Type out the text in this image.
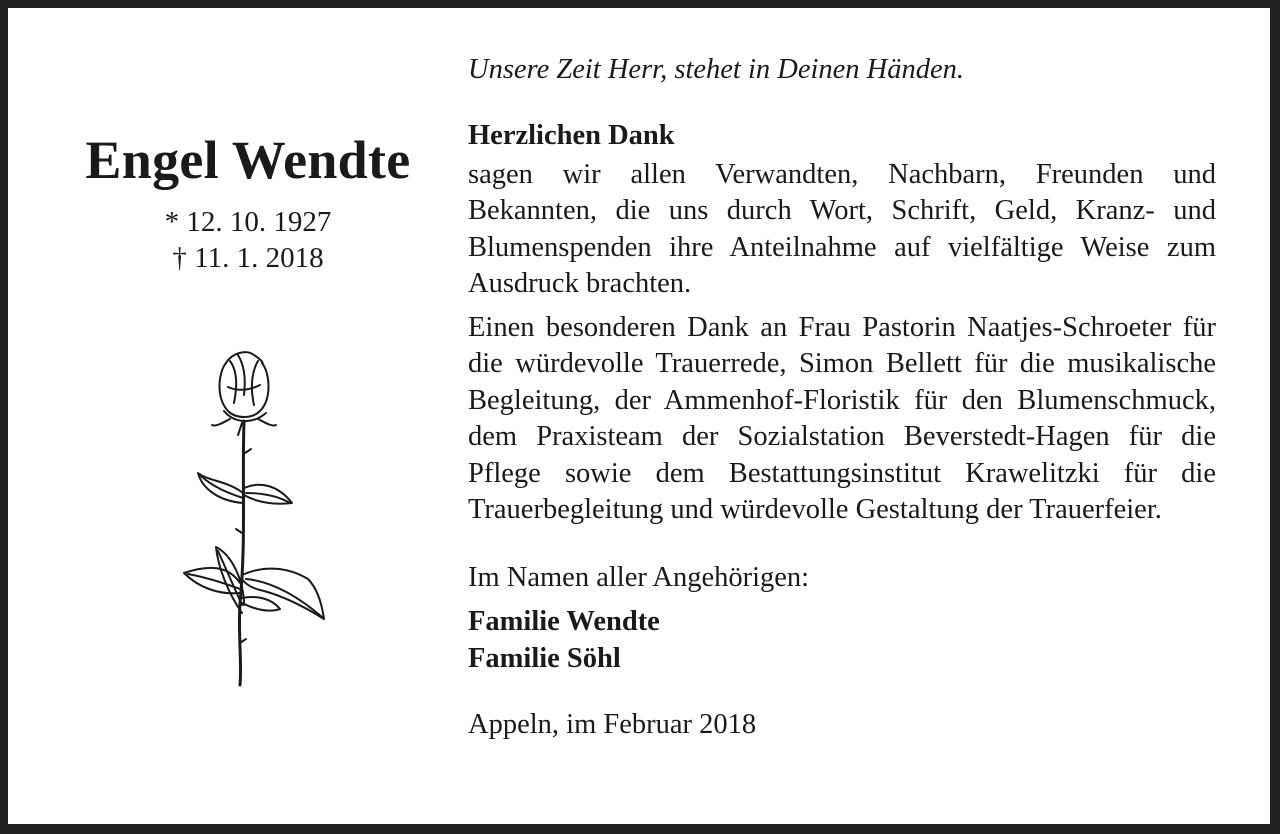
Engel Wendte

* 12. 10. 1927

† 11. 1. 2018

Unsere Zeit Herr, stehet in Deinen Händen.

Herzlichen Dank

sagen wir allen Verwandten, Nachbarn, Freunden und Bekannten, die uns durch Wort, Schrift, Geld, Kranz- und Blumenspenden ihre Anteilnahme auf vielfältige Weise zum Ausdruck brachten.

Einen besonderen Dank an Frau Pastorin Naatjes-Schroeter für die würdevolle Trauerrede, Simon Bellett für die musikalische Begleitung, der Ammenhof-Floristik für den Blumenschmuck, dem Praxisteam der Sozialstation Beverstedt-Hagen für die Pflege sowie dem Bestattungsinstitut Krawelitzki für die Trauerbegleitung und würdevolle Gestaltung der Trauerfeier.

Im Namen aller Angehörigen:

Familie Wendte

Familie Söhl

Appeln, im Februar 2018
